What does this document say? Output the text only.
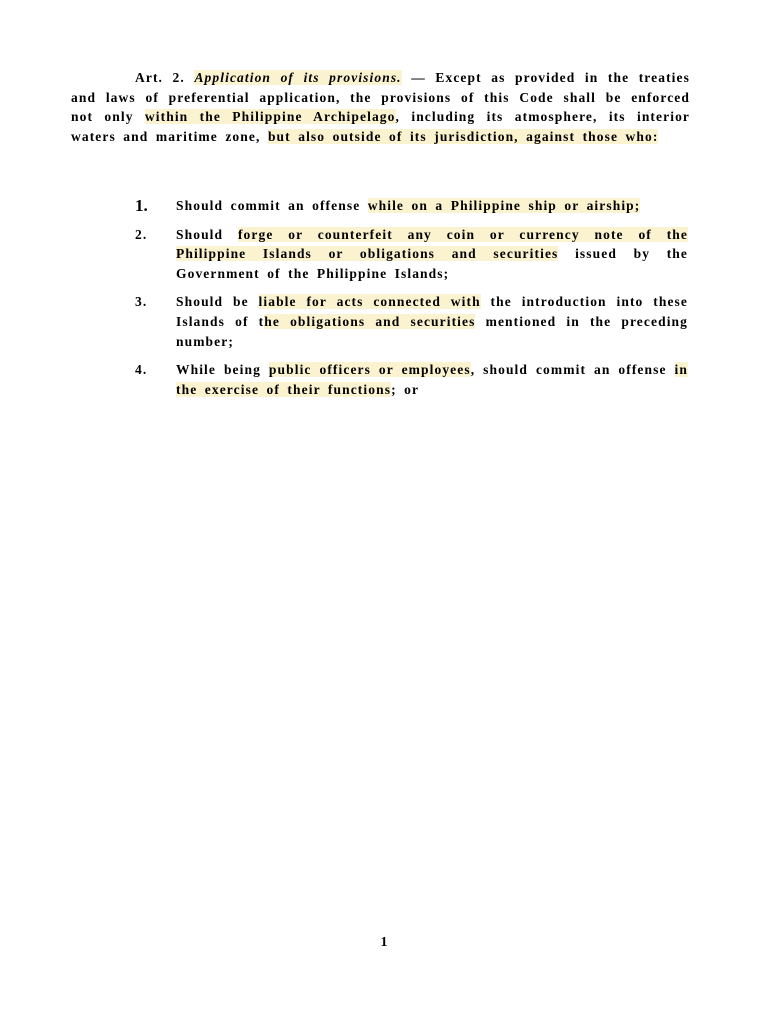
Art. 2. Application of its provisions. — Except as provided in the treaties and laws of preferential application, the provisions of this Code shall be enforced not only within the Philippine Archipelago, including its atmosphere, its interior waters and maritime zone, but also outside of its jurisdiction, against those who:

1. Should commit an offense while on a Philippine ship or airship;
2. Should forge or counterfeit any coin or currency note of the Philippine Islands or obligations and securities issued by the Government of the Philippine Islands;
3. Should be liable for acts connected with the introduction into these Islands of the obligations and securities mentioned in the preceding number;
4. While being public officers or employees, should commit an offense in the exercise of their functions; or
1
